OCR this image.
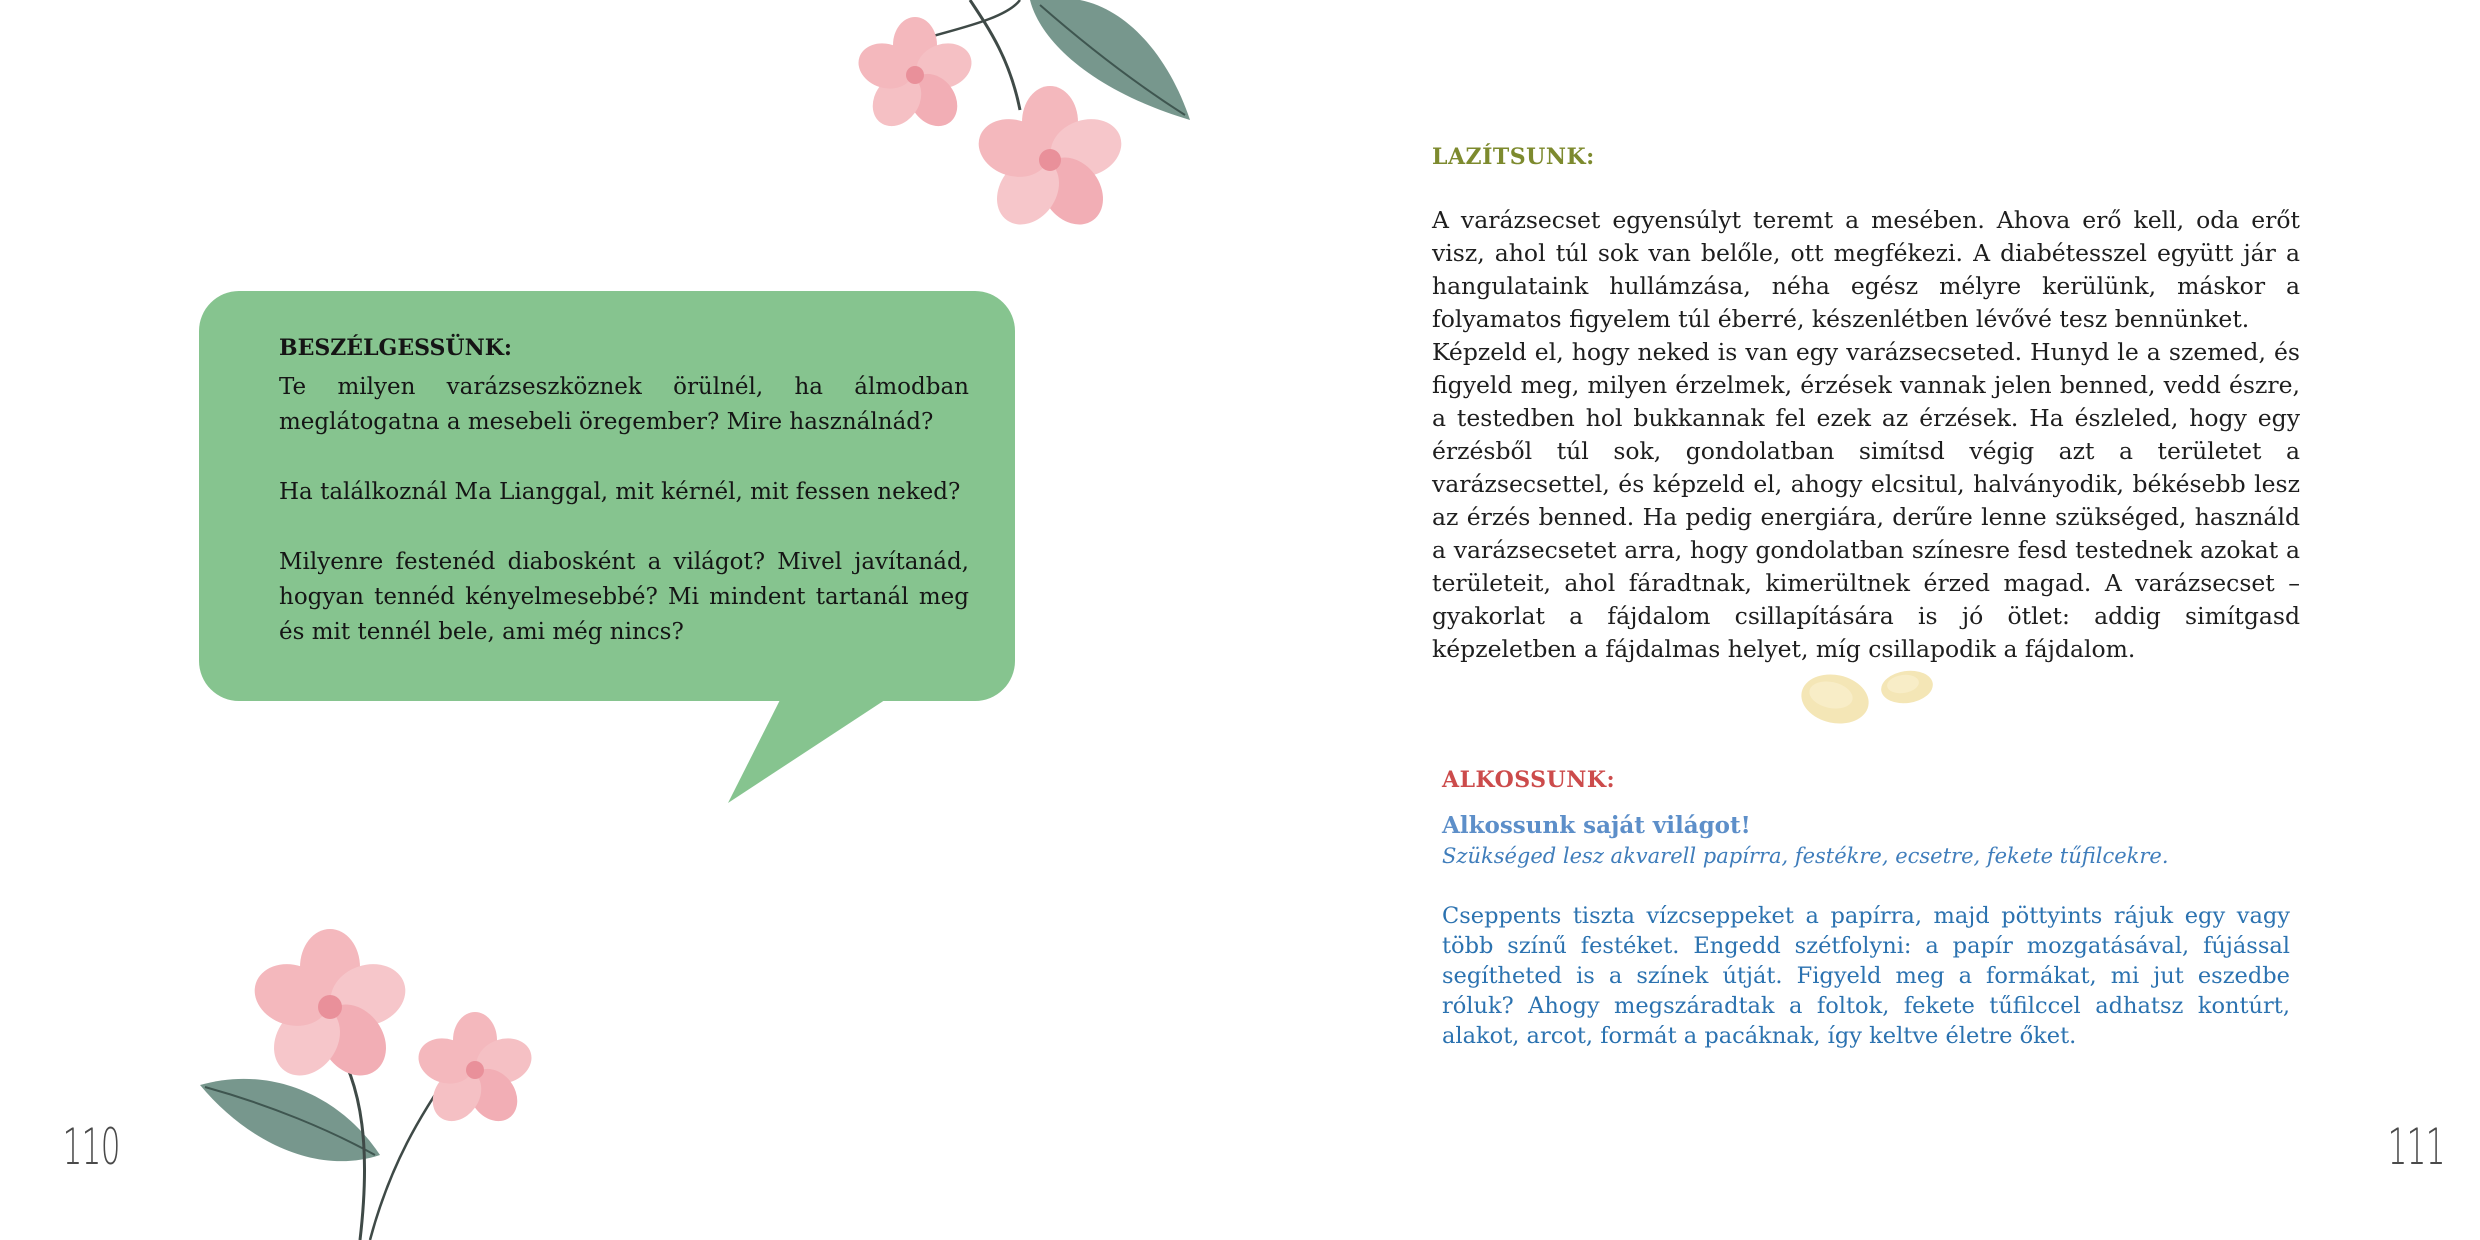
BESZÉLGESSÜNK:

Te milyen varázseszköznek örülnél, ha álmodban meglátogatna a mesebeli öregember? Mire használnád?

Ha találkoznál Ma Lianggal, mit kérnél, mit fessen neked?

Milyenre festenéd diabosként a világot? Mivel javítanád, hogyan tennéd kényelmesebbé? Mi mindent tartanál meg és mit tennél bele, ami még nincs?

110
LAZÍTSUNK:

A varázsecset egyensúlyt teremt a mesében. Ahova erő kell, oda erőt visz, ahol túl sok van belőle, ott megfékezi. A diabétesszel együtt jár a hangulataink hullámzása, néha egész mélyre kerülünk, máskor a folyamatos figyelem túl éberré, készenlétben lévővé tesz bennünket.

Képzeld el, hogy neked is van egy varázsecseted. Hunyd le a szemed, és figyeld meg, milyen érzelmek, érzések vannak jelen benned, vedd észre, a testedben hol bukkannak fel ezek az érzések. Ha észleled, hogy egy érzésből túl sok, gondolatban simítsd végig azt a területet a varázsecsettel, és képzeld el, ahogy elcsitul, halványodik, békésebb lesz az érzés benned. Ha pedig energiára, derűre lenne szükséged, használd a varázsecsetet arra, hogy gondolatban színesre fesd testednek azokat a területeit, ahol fáradtnak, kimerültnek érzed magad. A varázsecset – gyakorlat a fájdalom csillapítására is jó ötlet: addig simítgasd képzeletben a fájdalmas helyet, míg csillapodik a fájdalom.

ALKOSSUNK:

Alkossunk saját világot!

Szükséged lesz akvarell papírra, festékre, ecsetre, fekete tűfilcekre.

Cseppents tiszta vízcseppeket a papírra, majd pöttyints rájuk egy vagy több színű festéket. Engedd szétfolyni: a papír mozgatásával, fújással segítheted is a színek útját. Figyeld meg a formákat, mi jut eszedbe róluk? Ahogy megszáradtak a foltok, fekete tűfilccel adhatsz kontúrt, alakot, arcot, formát a pacáknak, így keltve életre őket.

111
